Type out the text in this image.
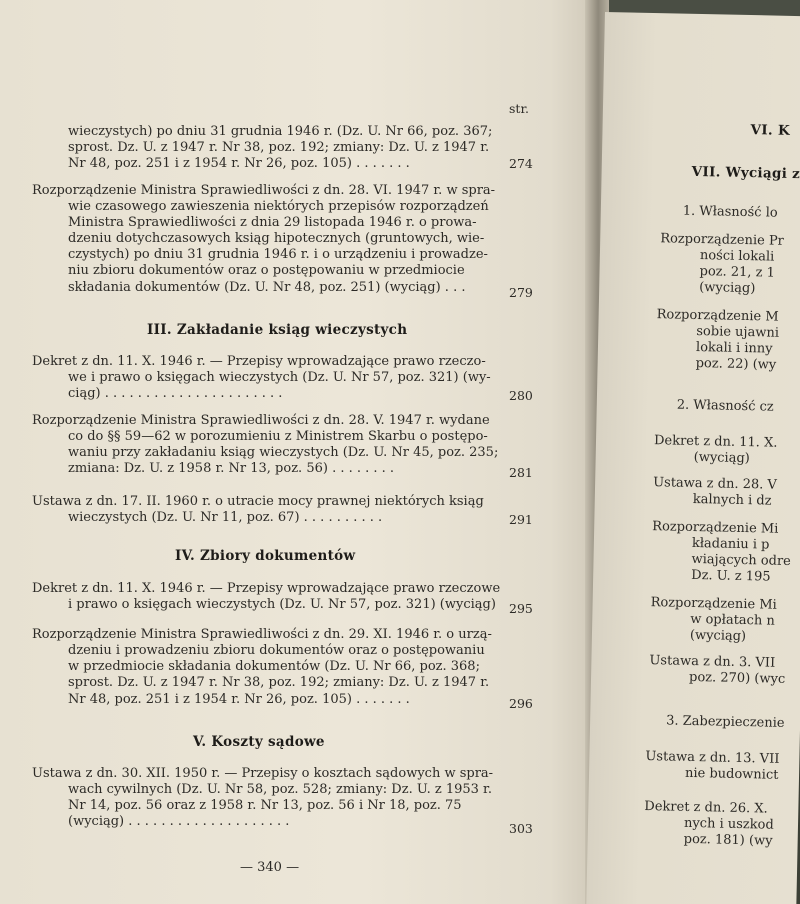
str.
wieczystych) po dniu 31 grudnia 1946 r. (Dz. U. Nr 66, poz. 367;
sprost. Dz. U. z 1947 r. Nr 38, poz. 192; zmiany: Dz. U. z 1947 r.
Nr 48, poz. 251 i z 1954 r. Nr 26, poz. 105) . . . . . . .	274
Rozporządzenie Ministra Sprawiedliwości z dn. 28. VI. 1947 r. w spra-
wie czasowego zawieszenia niektórych przepisów rozporządzeń
Ministra Sprawiedliwości z dnia 29 listopada 1946 r. o prowa-
dzeniu dotychczasowych ksiąg hipotecznych (gruntowych, wie-
czystych) po dniu 31 grudnia 1946 r. i o urządzeniu i prowadze-
niu zbioru dokumentów oraz o postępowaniu w przedmiocie
składania dokumentów (Dz. U. Nr 48, poz. 251) (wyciąg) . . .	279
III. Zakładanie ksiąg wieczystych
Dekret z dn. 11. X. 1946 r. — Przepisy wprowadzające prawo rzeczo-
we i prawo o księgach wieczystych (Dz. U. Nr 57, poz. 321) (wy-
ciąg) . . . . . . . . . . . . . . . . . . . . . .	280
Rozporządzenie Ministra Sprawiedliwości z dn. 28. V. 1947 r. wydane
co do §§ 59—62 w porozumieniu z Ministrem Skarbu o postępo-
waniu przy zakładaniu ksiąg wieczystych (Dz. U. Nr 45, poz. 235;
zmiana: Dz. U. z 1958 r. Nr 13, poz. 56) . . . . . . . .	281
Ustawa z dn. 17. II. 1960 r. o utracie mocy prawnej niektórych ksiąg
wieczystych (Dz. U. Nr 11, poz. 67) . . . . . . . . . .	291
IV. Zbiory dokumentów
Dekret z dn. 11. X. 1946 r. — Przepisy wprowadzające prawo rzeczowe
i prawo o księgach wieczystych (Dz. U. Nr 57, poz. 321) (wyciąg) 295
Rozporządzenie Ministra Sprawiedliwości z dn. 29. XI. 1946 r. o urzą-
dzeniu i prowadzeniu zbioru dokumentów oraz o postępowaniu
w przedmiocie składania dokumentów (Dz. U. Nr 66, poz. 368;
sprost. Dz. U. z 1947 r. Nr 38, poz. 192; zmiany: Dz. U. z 1947 r.
Nr 48, poz. 251 i z 1954 r. Nr 26, poz. 105) . . . . . . .	296
V. Koszty sądowe
Ustawa z dn. 30. XII. 1950 r. — Przepisy o kosztach sądowych w spra-
wach cywilnych (Dz. U. Nr 58, poz. 528; zmiany: Dz. U. z 1953 r.
Nr 14, poz. 56 oraz z 1958 r. Nr 13, poz. 56 i Nr 18, poz. 75
(wyciąg) . . . . . . . . . . . . . . . . . . . .	303
— 340 —
VI. K
VII. Wyciągi z
1. Własność lo
Rozporządzenie Pr
ności lokali
poz. 21, z 1
(wyciąg)
Rozporządzenie M
sobie ujawni
lokali i inny
poz. 22) (wy
2. Własność cz
Dekret z dn. 11. X.
(wyciąg)
Ustawa z dn. 28. V
kalnych i dz
Rozporządzenie Mi
kładaniu i p
wiających odre
Dz. U. z 195
Rozporządzenie Mi
w opłatach n
(wyciąg)
Ustawa z dn. 3. VII
poz. 270) (wyc
3. Zabezpieczenie
Ustawa z dn. 13. VII
nie budownict
Dekret z dn. 26. X.
nych i uszkod
poz. 181) (wy
